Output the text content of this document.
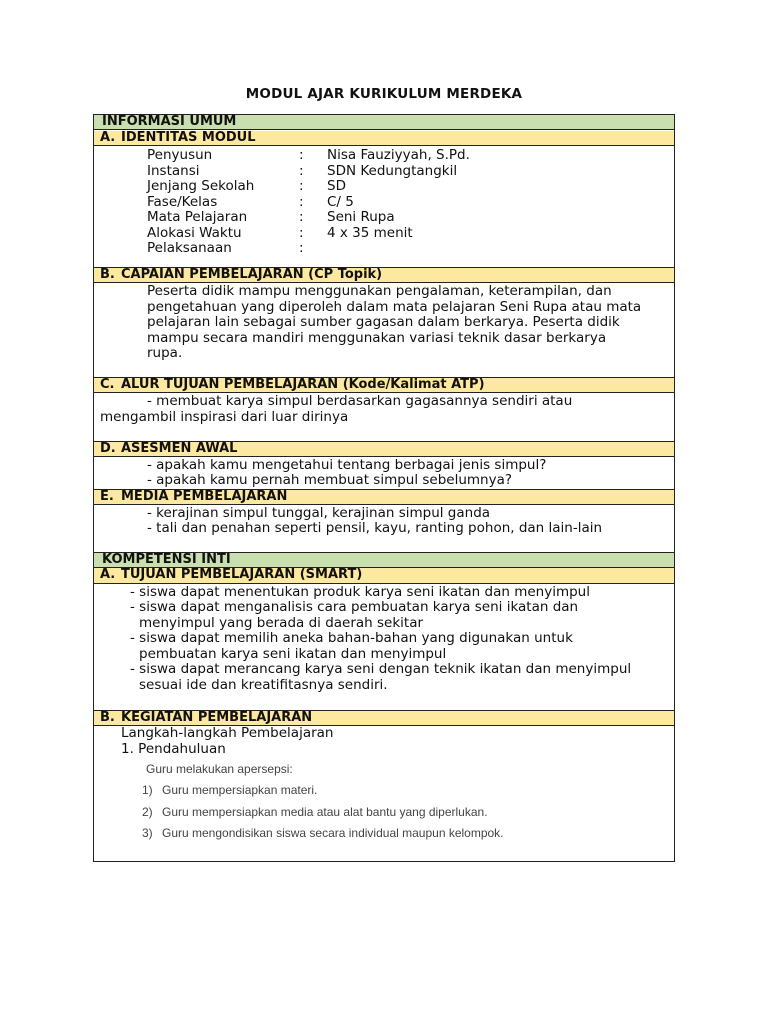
MODUL AJAR KURIKULUM MERDEKA
INFORMASI UMUM
A. IDENTITAS MODUL
Penyusun	: Nisa Fauziyyah, S.Pd.
Instansi	: SDN Kedungtangkil
Jenjang Sekolah	: SD
Fase/Kelas	: C/ 5
Mata Pelajaran	: Seni Rupa
Alokasi Waktu	: 4 x 35 menit
Pelaksanaan	:
B. CAPAIAN PEMBELAJARAN (CP Topik)
Peserta didik mampu menggunakan pengalaman, keterampilan, dan
pengetahuan yang diperoleh dalam mata pelajaran Seni Rupa atau mata
pelajaran lain sebagai sumber gagasan dalam berkarya. Peserta didik
mampu secara mandiri menggunakan variasi teknik dasar berkarya
rupa.
C. ALUR TUJUAN PEMBELAJARAN (Kode/Kalimat ATP)
- membuat karya simpul berdasarkan gagasannya sendiri atau
mengambil inspirasi dari luar dirinya
D. ASESMEN AWAL
- apakah kamu mengetahui tentang berbagai jenis simpul?
- apakah kamu pernah membuat simpul sebelumnya?
E. MEDIA PEMBELAJARAN
- kerajinan simpul tunggal, kerajinan simpul ganda
- tali dan penahan seperti pensil, kayu, ranting pohon, dan lain-lain
KOMPETENSI INTI
A. TUJUAN PEMBELAJARAN (SMART)
- siswa dapat menentukan produk karya seni ikatan dan menyimpul
- siswa dapat menganalisis cara pembuatan karya seni ikatan dan
menyimpul yang berada di daerah sekitar
- siswa dapat memilih aneka bahan-bahan yang digunakan untuk
pembuatan karya seni ikatan dan menyimpul
- siswa dapat merancang karya seni dengan teknik ikatan dan menyimpul
sesuai ide dan kreatifitasnya sendiri.
B. KEGIATAN PEMBELAJARAN
Langkah-langkah Pembelajaran
1. Pendahuluan
Guru melakukan apersepsi:
1) Guru mempersiapkan materi.
2) Guru mempersiapkan media atau alat bantu yang diperlukan.
3) Guru mengondisikan siswa secara individual maupun kelompok.
